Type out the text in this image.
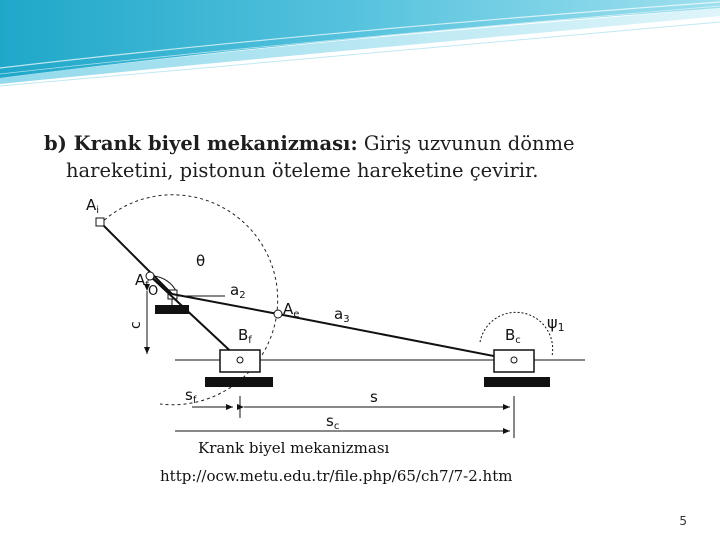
b) Krank biyel mekanizması: Giriş uzvunun dönme
hareketini, pistonun öteleme hareketine çevirir.
$A_i$
θ
$A_f$ O	$a_2$
$A_e$ $a_3$
c
$B_f$	$B_c$
ψ1
$s_f$	s
$s_c$
Krank biyel mekanizması
http://ocw.metu.edu.tr/file.php/65/ch7/7-2.htm
5
